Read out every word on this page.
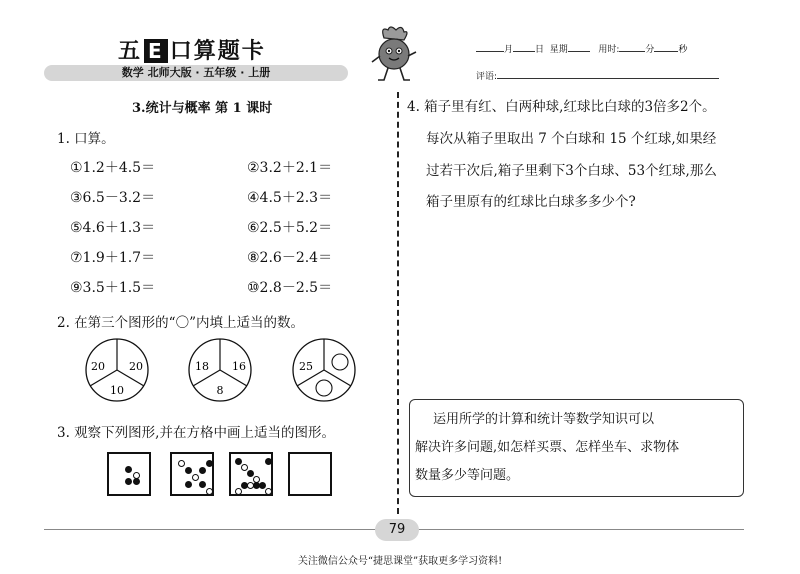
五 E 口算题卡
数学 北师大版 · 五年级 · 上册
月 日 星期	用时:	分	秒
评语:
3.统计与概率 第 1 课时
1. 口算。
①1.2＋4.5＝	②3.2＋2.1＝
③6.5－3.2＝	④4.5＋2.3＝
⑤4.6＋1.3＝	⑥2.5＋5.2＝
⑦1.9＋1.7＝	⑧2.6－2.4＝
⑨3.5＋1.5＝	⑩2.8－2.5＝
2. 在第三个图形的“〇”内填上适当的数。
20 20
10
18 16
8
25
3. 观察下列图形,并在方格中画上适当的图形。
4. 箱子里有红、白两种球,红球比白球的3倍多2个。
每次从箱子里取出 7 个白球和 15 个红球,如果经
过若干次后,箱子里剩下3个白球、53个红球,那么
箱子里原有的红球比白球多多少个?
运用所学的计算和统计等数学知识可以
解决许多问题,如怎样买票、怎样坐车、求物体
数量多少等问题。
79
关注微信公众号“捷思课堂”获取更多学习资料!
